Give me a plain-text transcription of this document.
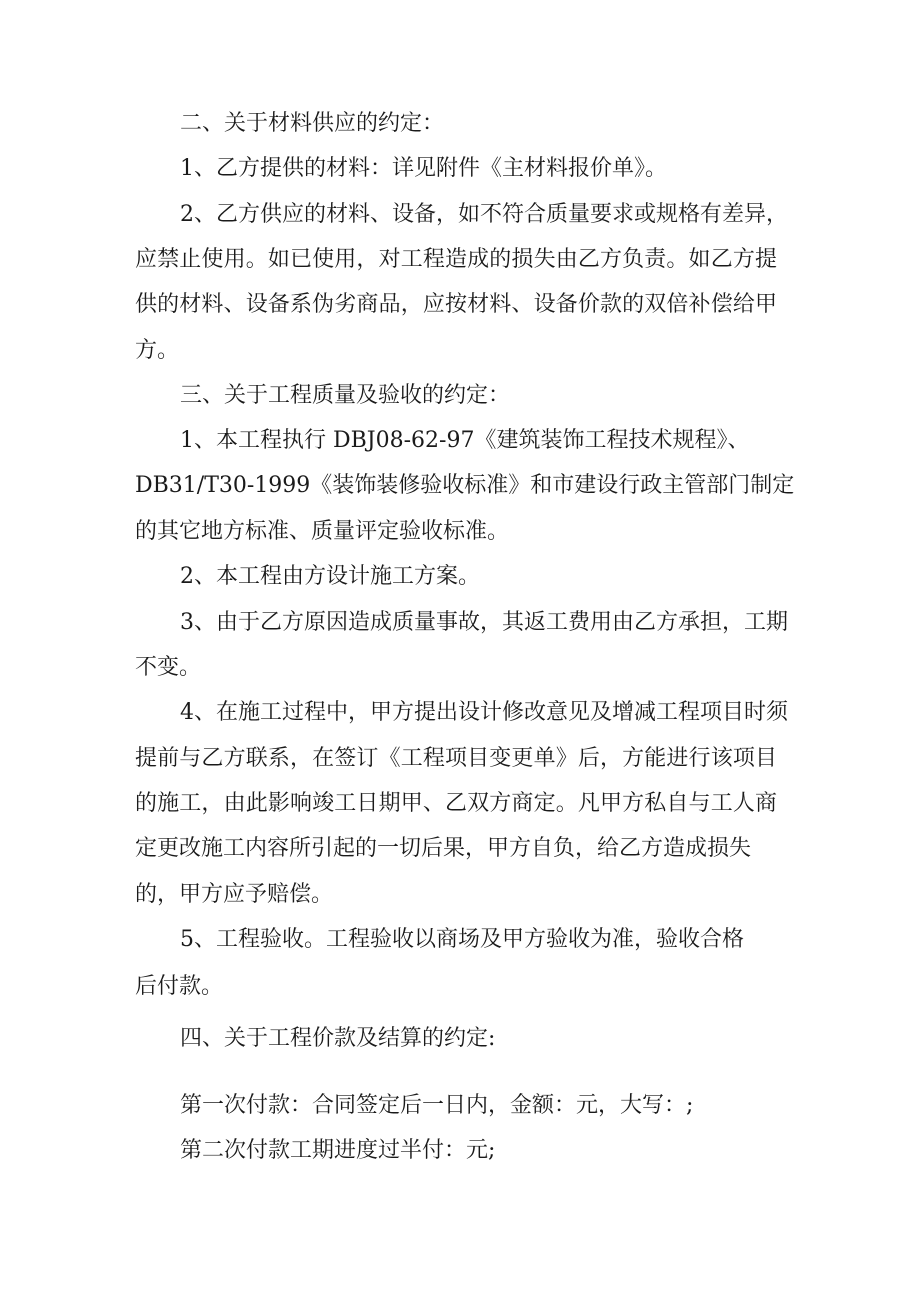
二、关于材料供应的约定：
1、乙方提供的材料：详见附件《主材料报价单》。
2、乙方供应的材料、设备，如不符合质量要求或规格有差异，
应禁止使用。如已使用，对工程造成的损失由乙方负责。如乙方提
供的材料、设备系伪劣商品，应按材料、设备价款的双倍补偿给甲
方。
三、关于工程质量及验收的约定：
1、本工程执行 DBJ08-62-97《建筑装饰工程技术规程》、
DB31/T30-1999《装饰装修验收标准》和市建设行政主管部门制定
的其它地方标准、质量评定验收标准。
2、本工程由方设计施工方案。
3、由于乙方原因造成质量事故，其返工费用由乙方承担，工期
不变。
4、在施工过程中，甲方提出设计修改意见及增减工程项目时须
提前与乙方联系，在签订《工程项目变更单》后，方能进行该项目
的施工，由此影响竣工日期甲、乙双方商定。凡甲方私自与工人商
定更改施工内容所引起的一切后果，甲方自负，给乙方造成损失
的，甲方应予赔偿。
5、工程验收。工程验收以商场及甲方验收为准，验收合格
后付款。
四、关于工程价款及结算的约定:
第一次付款：合同签定后一日内，金额：元，大写：;
第二次付款工期进度过半付：元;
